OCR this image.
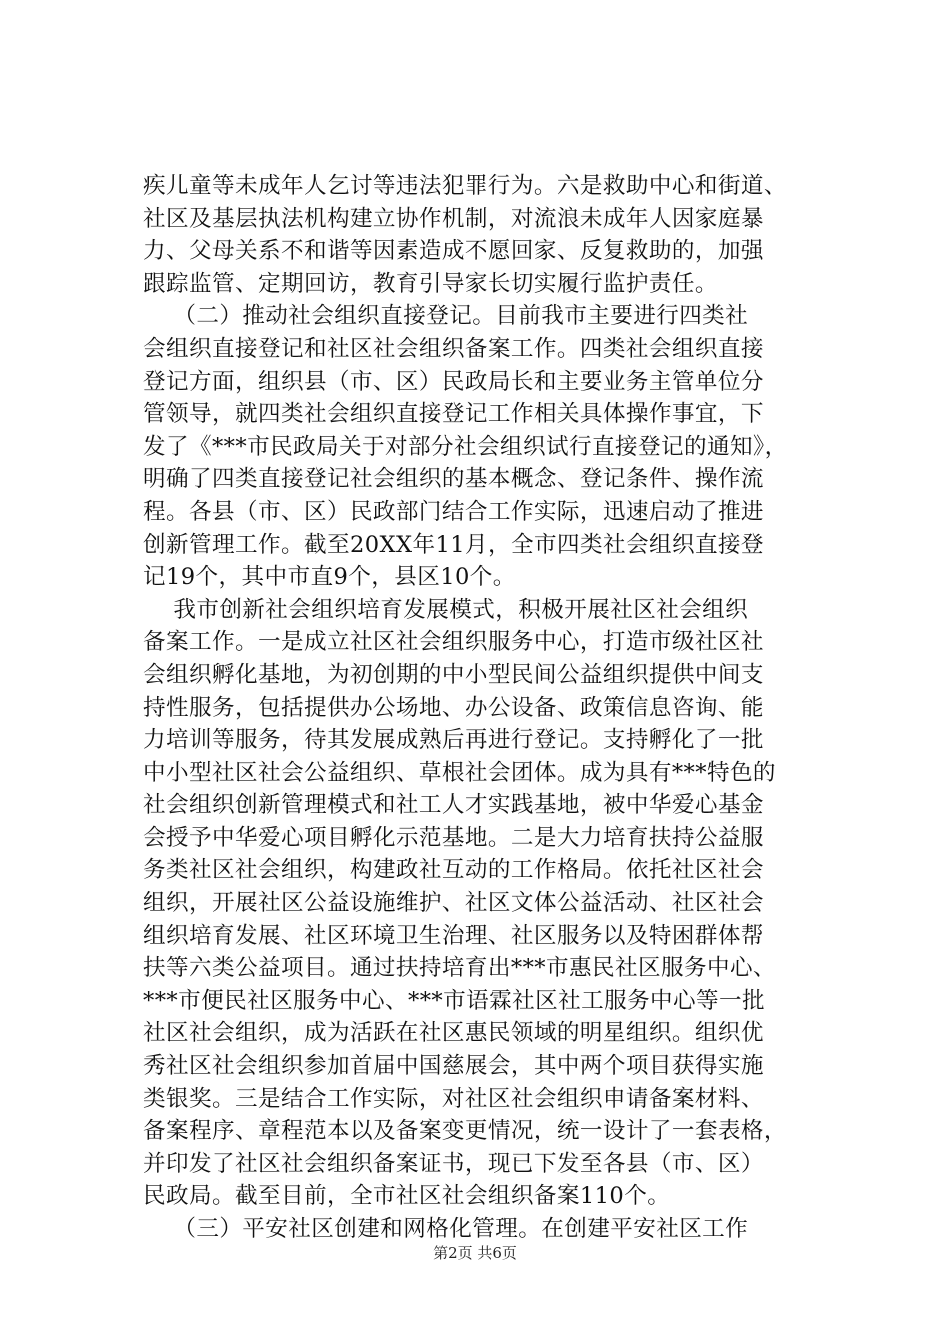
疾儿童等未成年人乞讨等违法犯罪行为。六是救助中心和街道、
社区及基层执法机构建立协作机制，对流浪未成年人因家庭暴
力、父母关系不和谐等因素造成不愿回家、反复救助的，加强
跟踪监管、定期回访，教育引导家长切实履行监护责任。
（二）推动社会组织直接登记。目前我市主要进行四类社
会组织直接登记和社区社会组织备案工作。四类社会组织直接
登记方面，组织县（市、区）民政局长和主要业务主管单位分
管领导，就四类社会组织直接登记工作相关具体操作事宜，下
发了《***市民政局关于对部分社会组织试行直接登记的通知》，
明确了四类直接登记社会组织的基本概念、登记条件、操作流
程。各县（市、区）民政部门结合工作实际，迅速启动了推进
创新管理工作。截至20XX年11月，全市四类社会组织直接登
记19个，其中市直9个，县区10个。
我市创新社会组织培育发展模式，积极开展社区社会组织
备案工作。一是成立社区社会组织服务中心，打造市级社区社
会组织孵化基地，为初创期的中小型民间公益组织提供中间支
持性服务，包括提供办公场地、办公设备、政策信息咨询、能
力培训等服务，待其发展成熟后再进行登记。支持孵化了一批
中小型社区社会公益组织、草根社会团体。成为具有***特色的
社会组织创新管理模式和社工人才实践基地，被中华爱心基金
会授予中华爱心项目孵化示范基地。二是大力培育扶持公益服
务类社区社会组织，构建政社互动的工作格局。依托社区社会
组织，开展社区公益设施维护、社区文体公益活动、社区社会
组织培育发展、社区环境卫生治理、社区服务以及特困群体帮
扶等六类公益项目。通过扶持培育出***市惠民社区服务中心、
***市便民社区服务中心、***市语霖社区社工服务中心等一批
社区社会组织，成为活跃在社区惠民领域的明星组织。组织优
秀社区社会组织参加首届中国慈展会，其中两个项目获得实施
类银奖。三是结合工作实际，对社区社会组织申请备案材料、
备案程序、章程范本以及备案变更情况，统一设计了一套表格，
并印发了社区社会组织备案证书，现已下发至各县（市、区）
民政局。截至目前，全市社区社会组织备案110个。
（三）平安社区创建和网格化管理。在创建平安社区工作
第2页 共6页
